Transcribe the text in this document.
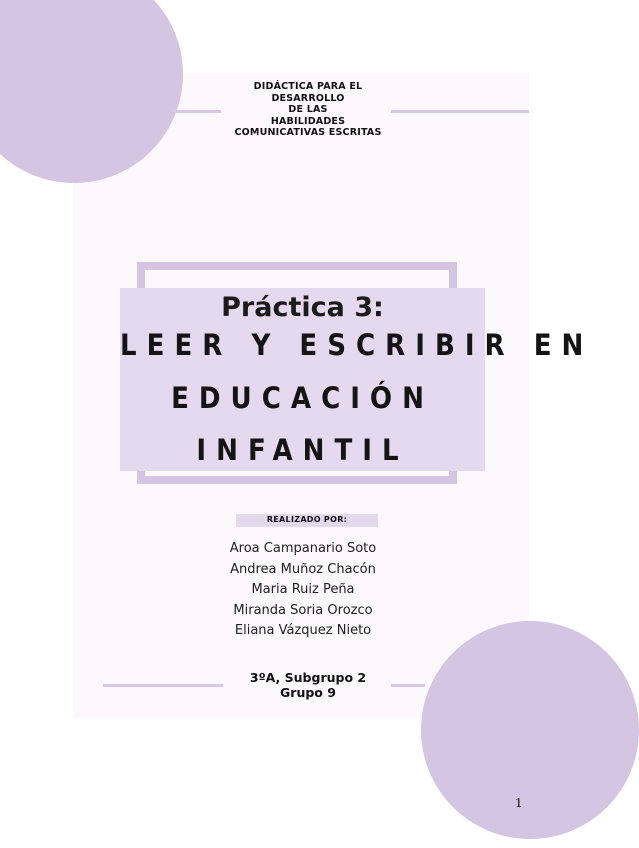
DIDÁCTICA PARA EL
DESARROLLO
DE LAS
HABILIDADES
COMUNICATIVAS ESCRITAS
Práctica 3:
LEER Y ESCRIBIR EN
EDUCACIÓN
INFANTIL
REALIZADO POR:
Aroa Campanario Soto
Andrea Muñoz Chacón
Maria Ruiz Peña
Miranda Soria Orozco
Eliana Vázquez Nieto
3ºA, Subgrupo 2
Grupo 9
1
